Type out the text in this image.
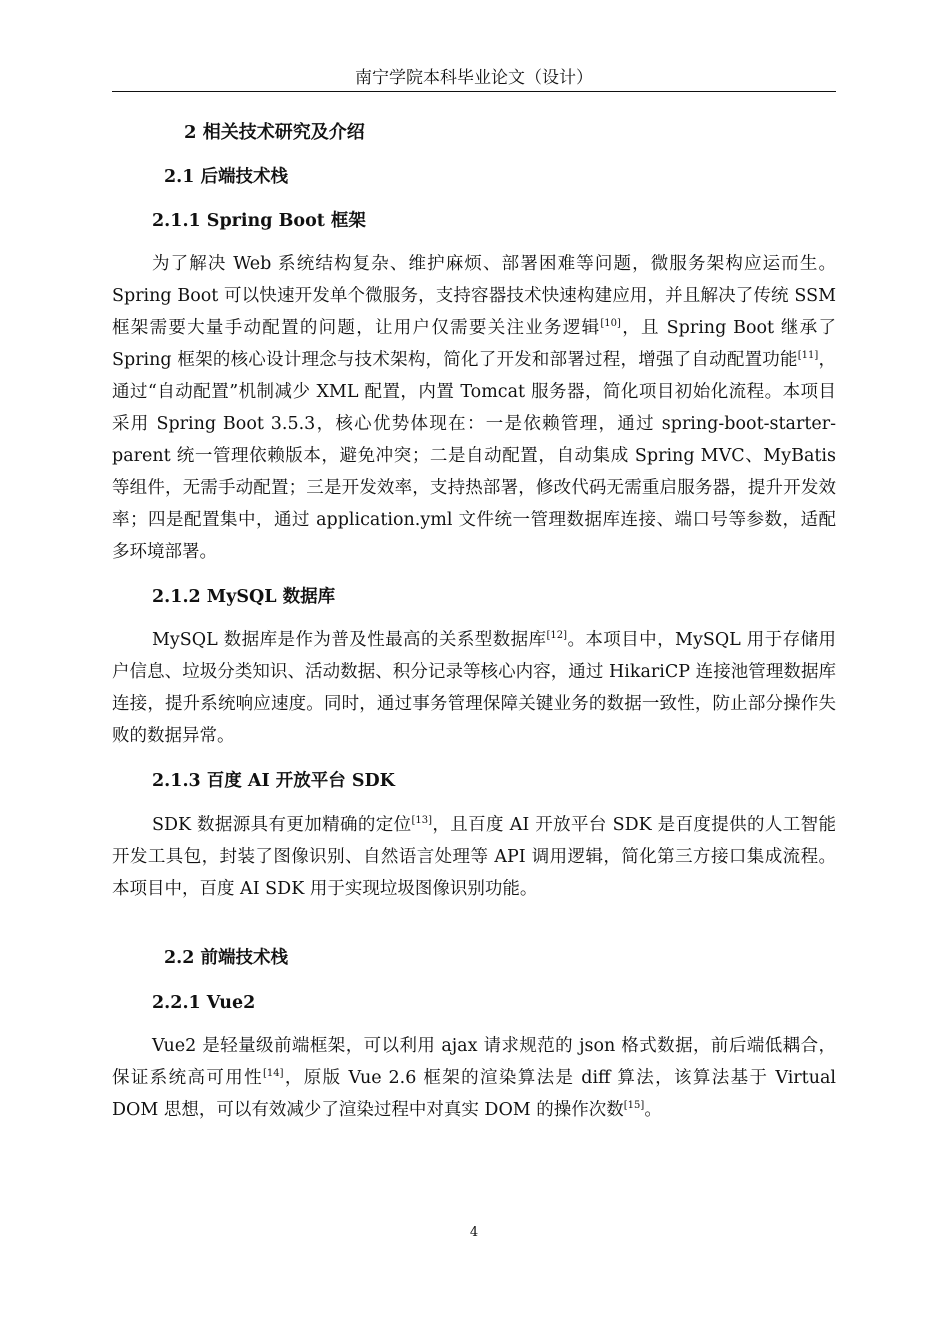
南宁学院本科毕业论文（设计）
2 相关技术研究及介绍
2.1 后端技术栈
2.1.1 Spring Boot 框架

为了解决 Web 系统结构复杂、维护麻烦、部署困难等问题，微服务架构应运而生。Spring Boot 可以快速开发单个微服务，支持容器技术快速构建应用，并且解决了传统 SSM 框架需要大量手动配置的问题，让用户仅需要关注业务逻辑[10]，且 Spring Boot 继承了 Spring 框架的核心设计理念与技术架构，简化了开发和部署过程，增强了自动配置功能[11]，通过“自动配置”机制减少 XML 配置，内置 Tomcat 服务器，简化项目初始化流程。本项目采用 Spring Boot 3.5.3，核心优势体现在：一是依赖管理，通过 spring-boot-starter-parent 统一管理依赖版本，避免冲突；二是自动配置，自动集成 Spring MVC、MyBatis 等组件，无需手动配置；三是开发效率，支持热部署，修改代码无需重启服务器，提升开发效率；四是配置集中，通过 application.yml 文件统一管理数据库连接、端口号等参数，适配多环境部署。

2.1.2 MySQL 数据库

MySQL 数据库是作为普及性最高的关系型数据库[12]。本项目中，MySQL 用于存储用户信息、垃圾分类知识、活动数据、积分记录等核心内容，通过 HikariCP 连接池管理数据库连接，提升系统响应速度。同时，通过事务管理保障关键业务的数据一致性，防止部分操作失败的数据异常。

2.1.3 百度 AI 开放平台 SDK

SDK 数据源具有更加精确的定位[13]，且百度 AI 开放平台 SDK 是百度提供的人工智能开发工具包，封装了图像识别、自然语言处理等 API 调用逻辑，简化第三方接口集成流程。本项目中，百度 AI SDK 用于实现垃圾图像识别功能。

2.2 前端技术栈
2.2.1 Vue2

Vue2 是轻量级前端框架，可以利用 ajax 请求规范的 json 格式数据，前后端低耦合，保证系统高可用性[14]，原版 Vue 2.6 框架的渲染算法是 diff 算法，该算法基于 Virtual DOM 思想，可以有效减少了渲染过程中对真实 DOM 的操作次数[15]。

4
